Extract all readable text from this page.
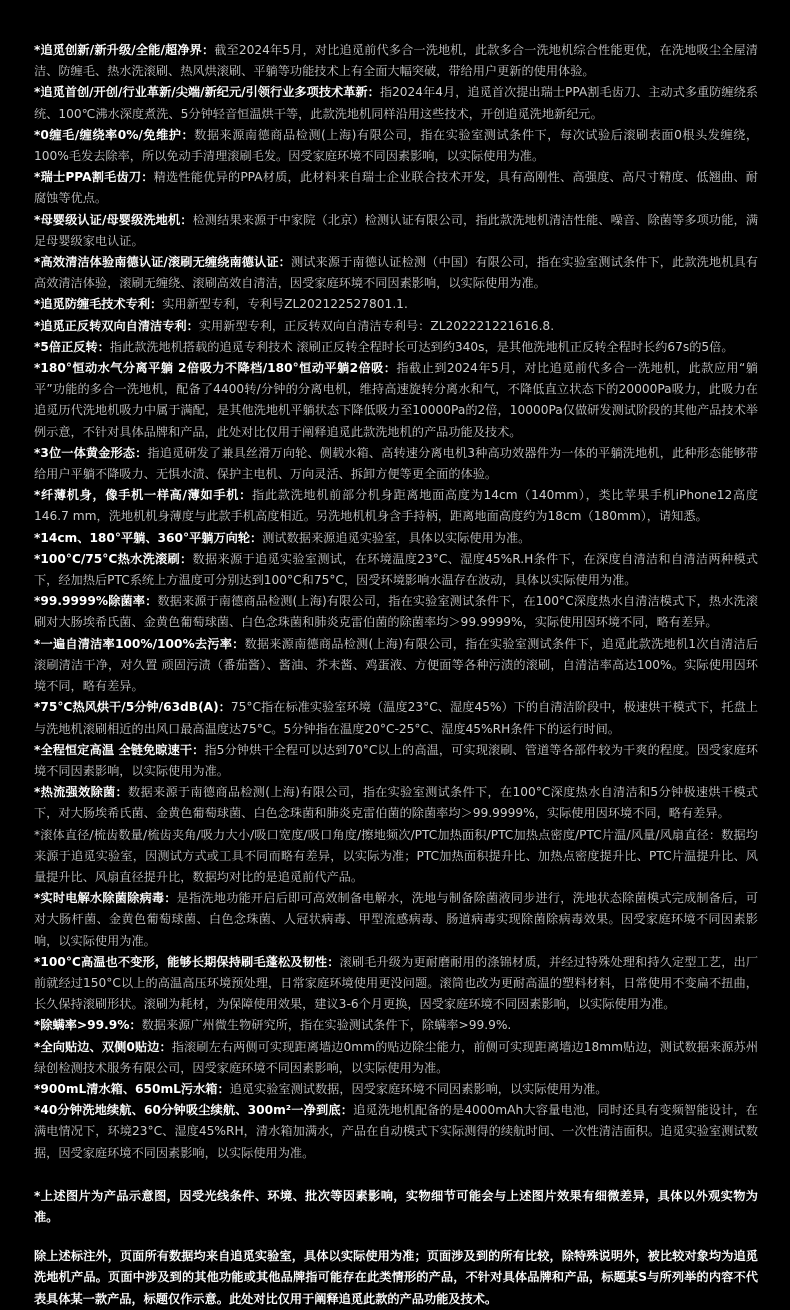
*追觅创新/新升级/全能/超净界：截至2024年5月，对比追觅前代多合一洗地机，此款多合一洗地机综合性能更优，在洗地吸尘全屋清洁、防缠毛、热水洗滚刷、热风烘滚刷、平躺等功能技术上有全面大幅突破，带给用户更新的使用体验。

*追觅首创/开创/行业革新/尖端/新纪元/引领行业多项技术革新：指2024年4月，追觅首次提出瑞士PPA割毛齿刀、主动式多重防缠绕系统、100℃沸水深度煮洗、5分钟轻音恒温烘干等，此款洗地机同样沿用这些技术，开创追觅洗地新纪元。

*0缠毛/缠绕率0%/免维护：数据来源南德商品检测(上海)有限公司，指在实验室测试条件下，每次试验后滚刷表面0根头发缠绕，100%毛发去除率，所以免动手清理滚刷毛发。因受家庭环境不同因素影响，以实际使用为准。

*瑞士PPA割毛齿刀：精选性能优异的PPA材质，此材料来自瑞士企业联合技术开发，具有高刚性、高强度、高尺寸精度、低翘曲、耐腐蚀等优点。

*母婴级认证/母婴级洗地机：检测结果来源于中家院（北京）检测认证有限公司，指此款洗地机清洁性能、噪音、除菌等多项功能，满足母婴级家电认证。

*高效清洁体验南德认证/滚刷无缠绕南德认证：测试来源于南德认证检测（中国）有限公司，指在实验室测试条件下，此款洗地机具有高效清洁体验，滚刷无缠绕、滚刷高效自清洁，因受家庭环境不同因素影响，以实际使用为准。

*追觅防缠毛技术专利：实用新型专利，专利号ZL202122527801.1.

*追觅正反转双向自清洁专利：实用新型专利，正反转双向自清洁专利号：ZL202221221616.8.

*5倍正反转：指此款洗地机搭载的追觅专利技术 滚刷正反转全程时长可达到约340s，是其他洗地机正反转全程时长约67s的5倍。

*180°恒动水气分离平躺 2倍吸力不降档/180°恒动平躺2倍吸：指截止到2024年5月，对比追觅前代多合一洗地机，此款应用“躺平”功能的多合一洗地机，配备了4400转/分钟的分离电机，维持高速旋转分离水和气，不降低直立状态下的20000Pa吸力，此吸力在追觅历代洗地机吸力中属于满配，是其他洗地机平躺状态下降低吸力至10000Pa的2倍，10000Pa仅做研发测试阶段的其他产品技术举例示意，不针对具体品牌和产品，此处对比仅用于阐释追觅此款洗地机的产品功能及技术。

*3位一体黄金形态：指追觅研发了兼具丝滑万向轮、侧载水箱、高转速分离电机3种高功效器件为一体的平躺洗地机，此种形态能够带给用户平躺不降吸力、无惧水渍、保护主电机、万向灵活、拆卸方便等更全面的体验。

*纤薄机身，像手机一样高/薄如手机：指此款洗地机前部分机身距离地面高度为14cm（140mm），类比苹果手机iPhone12高度146.7 mm，洗地机机身薄度与此款手机高度相近。另洗地机机身含手持柄，距离地面高度约为18cm（180mm），请知悉。

*14cm、180°平躺、360°平躺万向轮：测试数据来源追觅实验室，具体以实际使用为准。

*100°C/75°C热水洗滚刷：数据来源于追觅实验室测试，在环境温度23°C、湿度45%R.H条件下，在深度自清洁和自清洁两种模式下，经加热后PTC系统上方温度可分别达到100°C和75°C，因受环境影响水温存在波动，具体以实际使用为准。

*99.9999%除菌率：数据来源于南德商品检测(上海)有限公司，指在实验室测试条件下，在100°C深度热水自清洁模式下，热水洗滚刷对大肠埃希氏菌、金黄色葡萄球菌、白色念珠菌和肺炎克雷伯菌的除菌率均＞99.9999%，实际使用因环境不同，略有差异。

*一遍自清洁率100%/100%去污率：数据来源南德商品检测(上海)有限公司，指在实验室测试条件下，追觅此款洗地机1次自清洁后滚刷清洁干净，对久置 顽固污渍（番茄酱）、酱油、芥末酱、鸡蛋液、方便面等各种污渍的滚刷，自清洁率高达100%。实际使用因环境不同，略有差异。

*75°C热风烘干/5分钟/63dB(A)：75°C指在标准实验室环境（温度23°C、湿度45%）下的自清洁阶段中，极速烘干模式下，托盘上与洗地机滚刷相近的出风口最高温度达75°C。5分钟指在温度20°C-25°C、湿度45%RH条件下的运行时间。

*全程恒定高温 全链免晾速干：指5分钟烘干全程可以达到70°C以上的高温，可实现滚刷、管道等各部件较为干爽的程度。因受家庭环境不同因素影响，以实际使用为准。

*热流强效除菌：数据来源于南德商品检测(上海)有限公司，指在实验室测试条件下，在100°C深度热水自清洁和5分钟极速烘干模式下，对大肠埃希氏菌、金黄色葡萄球菌、白色念珠菌和肺炎克雷伯菌的除菌率均＞99.9999%，实际使用因环境不同，略有差异。

*滚体直径/梳齿数量/梳齿夹角/吸力大小/吸口宽度/吸口角度/擦地频次/PTC加热面积/PTC加热点密度/PTC片温/风量/风扇直径：数据均来源于追觅实验室，因测试方式或工具不同而略有差异，以实际为准；PTC加热面积提升比、加热点密度提升比、PTC片温提升比、风量提升比、风扇直径提升比，数据均对比的是追觅前代产品。

*实时电解水除菌除病毒：是指洗地功能开启后即可高效制备电解水，洗地与制备除菌液同步进行，洗地状态除菌模式完成制备后，可对大肠杆菌、金黄色葡萄球菌、白色念珠菌、人冠状病毒、甲型流感病毒、肠道病毒实现除菌除病毒效果。因受家庭环境不同因素影响，以实际使用为准。

*100°C高温也不变形，能够长期保持刷毛蓬松及韧性：滚刷毛升级为更耐磨耐用的涤锦材质，并经过特殊处理和持久定型工艺，出厂前就经过150°C以上的高温高压环境预处理，日常家庭环境使用更没问题。滚筒也改为更耐高温的塑料材料，日常使用不变扁不扭曲，长久保持滚刷形状。滚刷为耗材，为保障使用效果，建议3-6个月更换，因受家庭环境不同因素影响，以实际使用为准。

*除螨率>99.9%：数据来源广州微生物研究所，指在实验测试条件下，除螨率>99.9%.

*全向贴边、双侧0贴边：指滚刷左右两侧可实现距离墙边0mm的贴边除尘能力，前侧可实现距离墙边18mm贴边，测试数据来源苏州绿创检测技术服务有限公司，因受家庭环境不同因素影响，以实际使用为准。

*900mL清水箱、650mL污水箱：追觅实验室测试数据，因受家庭环境不同因素影响，以实际使用为准。

*40分钟洗地续航、60分钟吸尘续航、300m²一净到底：追觅洗地机配备的是4000mAh大容量电池，同时还具有变频智能设计，在满电情况下，环境23°C、湿度45%RH，清水箱加满水，产品在自动模式下实际测得的续航时间、一次性清洁面积。追觅实验室测试数据，因受家庭环境不同因素影响，以实际使用为准。

*上述图片为产品示意图，因受光线条件、环境、批次等因素影响，实物细节可能会与上述图片效果有细微差异，具体以外观实物为准。

除上述标注外，页面所有数据均来自追觅实验室，具体以实际使用为准；页面涉及到的所有比较，除特殊说明外，被比较对象均为追觅洗地机产品。页面中涉及到的其他功能或其他品牌指可能存在此类情形的产品，不针对具体品牌和产品，标题某S与所列举的内容不代表具体某一款产品，标题仅作示意。此处对比仅用于阐释追觅此款的产品功能及技术。
